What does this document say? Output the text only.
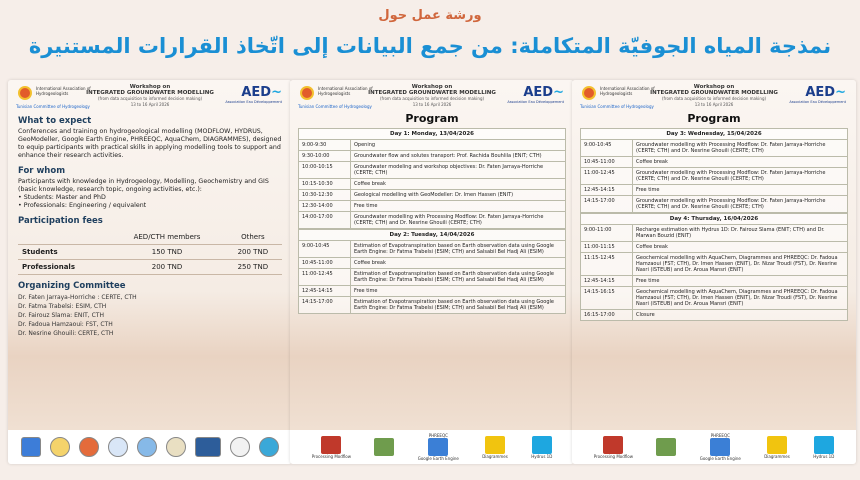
ورشة عمل حول
نمذجة المياه الجوفيّة المتكاملة: من جمع البيانات إلى اتّخاذ القرارات المستنيرة
International Association of Hydrogeologists
Tunisian Committee of Hydrogeology
Workshop on
INTEGRATED GROUNDWATER MODELLING
(from data acquisition to informed decision making)
13 to 16 April 2026
AED~
Association Eau Développement
What to expect
Conferences and training on hydrogeological modelling (MODFLOW, HYDRUS, GeoModeller, Google Earth Engine, PHREEQC, AquaChem, DIAGRAMMES), designed to equip participants with practical skills in applying modelling tools to support and enhance their research activities.
For whom
Participants with knowledge in Hydrogeology, Modelling, Geochemistry and GIS (basic knowledge, research topic, ongoing activities, etc.):
• Students: Master and PhD
• Professionals: Engineering / equivalent
Participation fees
	AED/CTH members	Others
Students	150 TND	200 TND
Professionals	200 TND	250 TND
Organizing Committee
Dr. Faten Jarraya-Horriche : CERTE, CTH
Dr. Fatma Trabelsi: ESIM, CTH
Dr. Fairouz Slama: ENIT, CTH
Dr. Fadoua Hamzaoui: FST, CTH
Dr. Nesrine Ghouili: CERTE, CTH
International Association of Hydrogeologists
Tunisian Committee of Hydrogeology
Workshop on
INTEGRATED GROUNDWATER MODELLING
(from data acquisition to informed decision making)
13 to 16 April 2026
AED~
Association Eau Développement
Program
Day 1: Monday, 13/04/2026
9:00-9:30	Opening
9:30-10:00	Groundwater flow and solutes transport: Prof. Rachida Bouhlila (ENIT; CTH)
10:00-10:15	Groundwater modeling and workshop objectives: Dr. Faten Jarraya-Horriche (CERTE; CTH)
10:15-10:30	Coffee break
10:30-12:30	Geological modelling with GeoModeller: Dr. Imen Hassen (ENIT)
12:30-14:00	Free time
14:00-17:00	Groundwater modelling with Processing Modflow: Dr. Faten Jarraya-Horriche (CERTE; CTH) and Dr. Nesrine Ghouili (CERTE; CTH)
Day 2: Tuesday, 14/04/2026
9:00-10:45	Estimation of Evapotranspiration based on Earth observation data using Google Earth Engine: Dr Fatma Trabelsi (ESIM; CTH) and Salsabil Bel Hadj Ali (ESIM)
10:45-11:00	Coffee break
11:00-12:45	Estimation of Evapotranspiration based on Earth observation data using Google Earth Engine: Dr Fatma Trabelsi (ESIM; CTH) and Salsabil Bel Hadj Ali (ESIM)
12:45-14:15	Free time
14:15-17:00	Estimation of Evapotranspiration based on Earth observation data using Google Earth Engine: Dr Fatma Trabelsi (ESIM; CTH) and Salsabil Bel Hadj Ali (ESIM)
Processing Modflow
PHREEQC
Google Earth Engine	Diagrammes	Hydrus 1D
International Association of Hydrogeologists
Tunisian Committee of Hydrogeology
Workshop on
INTEGRATED GROUNDWATER MODELLING
(from data acquisition to informed decision making)
13 to 16 April 2026
AED~
Association Eau Développement
Program
Day 3: Wednesday, 15/04/2026
9:00-10:45	Groundwater modelling with Processing Modflow: Dr. Faten Jarraya-Horriche (CERTE; CTH) and Dr. Nesrine Ghouili (CERTE; CTH)
10:45-11:00	Coffee break
11:00-12:45	Groundwater modelling with Processing Modflow: Dr. Faten Jarraya-Horriche (CERTE; CTH) and Dr. Nesrine Ghouili (CERTE; CTH)
12:45-14:15	Free time
14:15-17:00	Groundwater modelling with Processing Modflow: Dr. Faten Jarraya-Horriche (CERTE; CTH) and Dr. Nesrine Ghouili (CERTE; CTH)
Day 4: Thursday, 16/04/2026
9:00-11:00	Recharge estimation with Hydrus 1D: Dr. Fairouz Slama (ENIT; CTH) and Dr. Marwan Bouzid (ENIT)
11:00-11:15	Coffee break
11:15-12:45	Geochemical modelling with AquaChem, Diagrammes and PHREEQC: Dr. Fadoua Hamzaoui (FST; CTH), Dr. Imen Hassen (ENIT), Dr. Nizar Troudi (FST), Dr. Nesrine Nasri (ISTEUB) and Dr. Aroua Mansri (ENIT)
12:45-14:15	Free time
14:15-16:15	Geochemical modelling with AquaChem, Diagrammes and PHREEQC: Dr. Fadoua Hamzaoui (FST; CTH), Dr. Imen Hassen (ENIT), Dr. Nizar Troudi (FST), Dr. Nesrine Nasri (ISTEUB) and Dr. Aroua Mansri (ENIT)
16:15-17:00	Closure
Processing Modflow
PHREEQC
Google Earth Engine	Diagrammes	Hydrus 1D
